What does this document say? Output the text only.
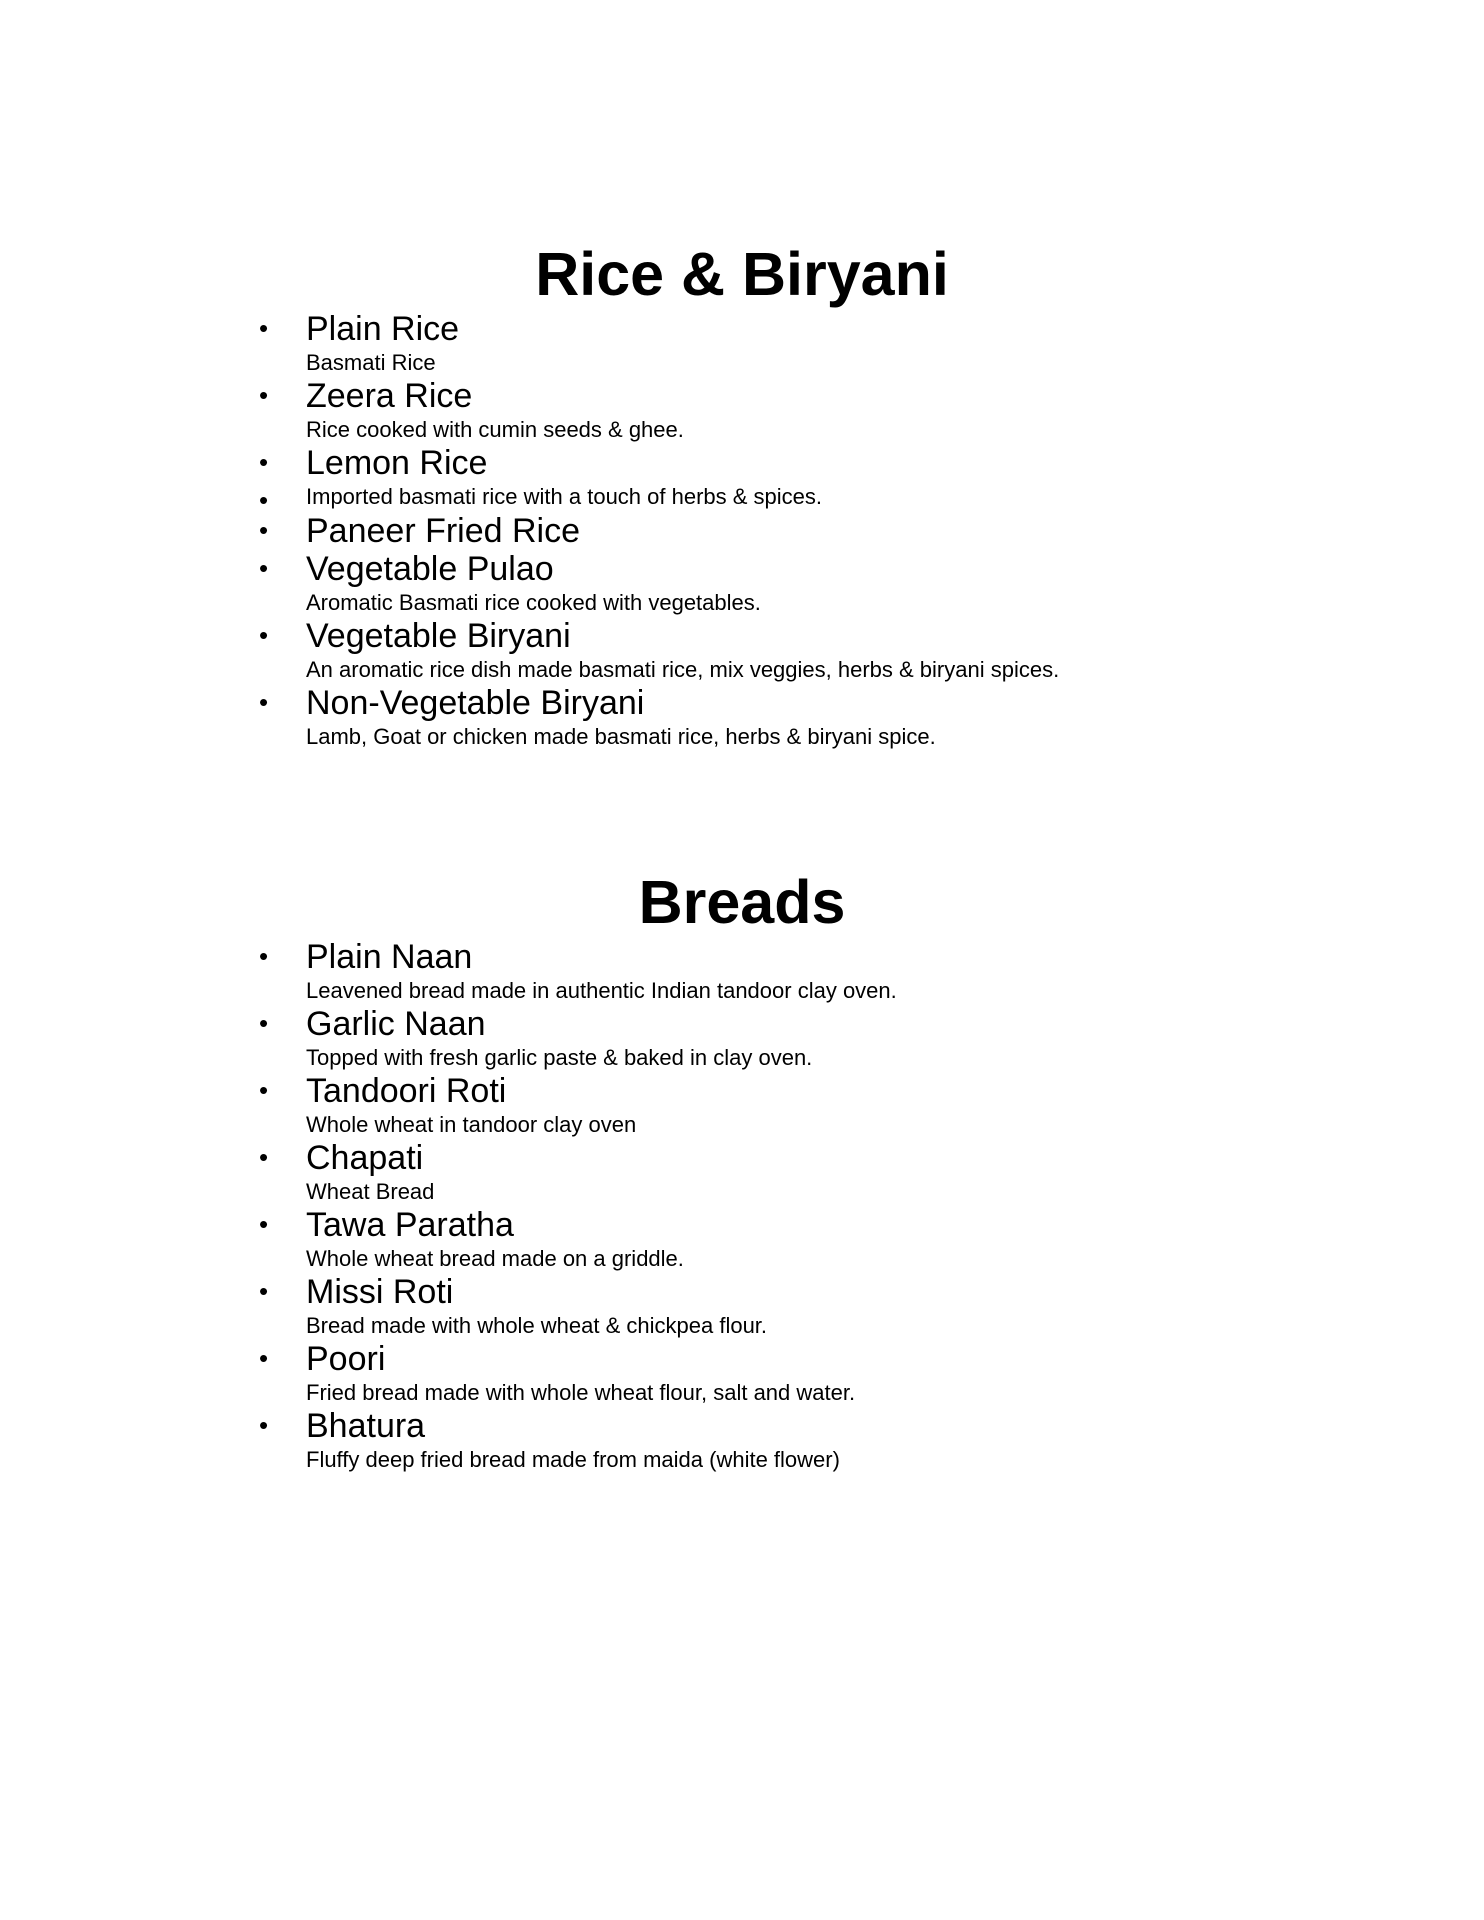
Rice & Biryani
• Plain Rice
Basmati Rice
• Zeera Rice
Rice cooked with cumin seeds & ghee.
• Lemon Rice
• Imported basmati rice with a touch of herbs & spices.
• Paneer Fried Rice
• Vegetable Pulao
Aromatic Basmati rice cooked with vegetables.
• Vegetable Biryani
An aromatic rice dish made basmati rice, mix veggies, herbs & biryani spices.
• Non-Vegetable Biryani
Lamb, Goat or chicken made basmati rice, herbs & biryani spice.
Breads
• Plain Naan
Leavened bread made in authentic Indian tandoor clay oven.
• Garlic Naan
Topped with fresh garlic paste & baked in clay oven.
• Tandoori Roti
Whole wheat in tandoor clay oven
• Chapati
Wheat Bread
• Tawa Paratha
Whole wheat bread made on a griddle.
• Missi Roti
Bread made with whole wheat & chickpea flour.
• Poori
Fried bread made with whole wheat flour, salt and water.
• Bhatura
Fluffy deep fried bread made from maida (white flower)
